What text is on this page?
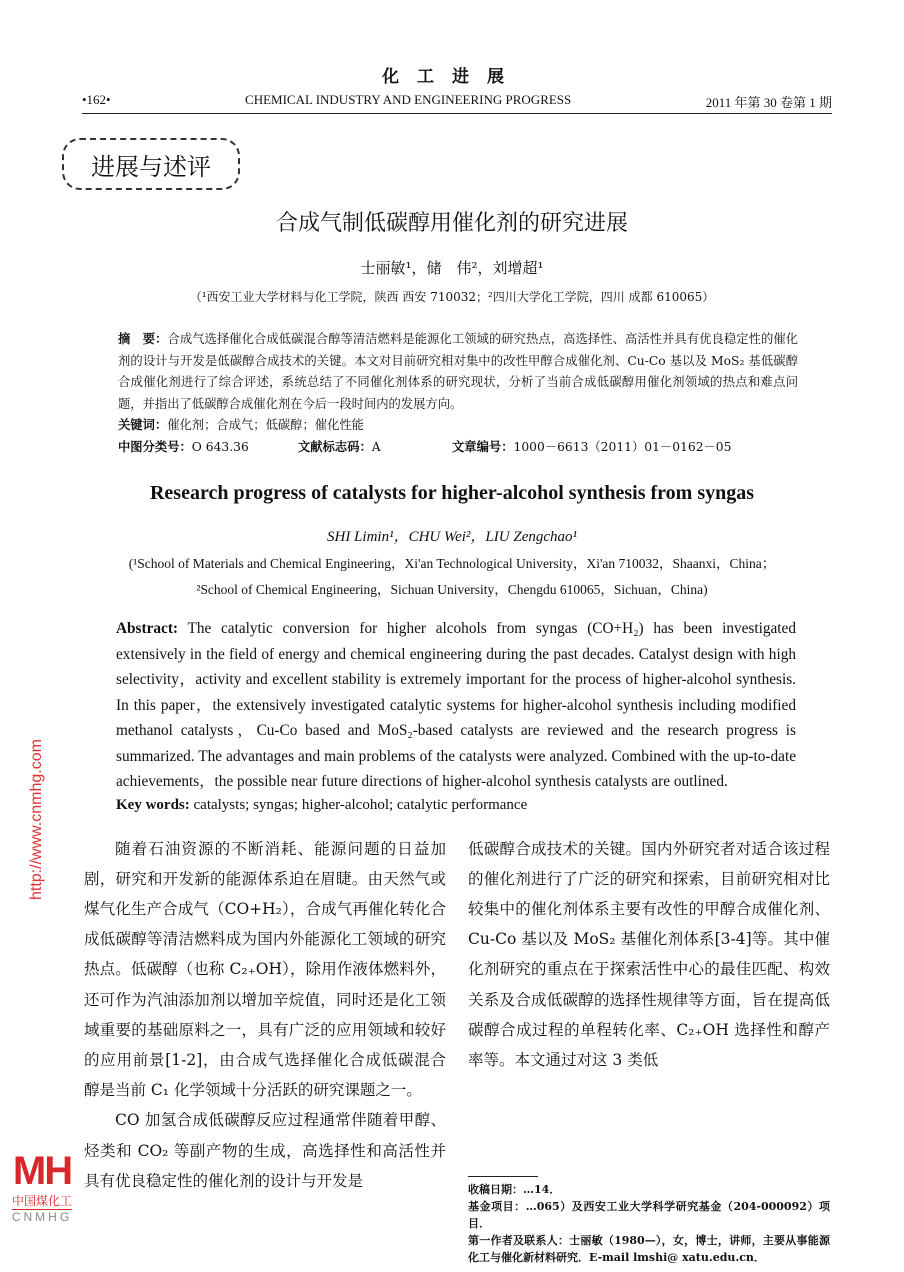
化工进展
•162•	CHEMICAL INDUSTRY AND ENGINEERING PROGRESS	2011 年第 30 卷第 1 期
进展与述评
合成气制低碳醇用催化剂的研究进展
士丽敏¹，储　伟²，刘增超¹
（¹西安工业大学材料与化工学院，陕西 西安 710032；²四川大学化工学院，四川 成都 610065）
摘　要：合成气选择催化合成低碳混合醇等清洁燃料是能源化工领域的研究热点，高选择性、高活性并具有优良稳定性的催化剂的设计与开发是低碳醇合成技术的关键。本文对目前研究相对集中的改性甲醇合成催化剂、Cu-Co 基以及 MoS₂ 基低碳醇合成催化剂进行了综合评述，系统总结了不同催化剂体系的研究现状，分析了当前合成低碳醇用催化剂领域的热点和难点问题，并指出了低碳醇合成催化剂在今后一段时间内的发展方向。
关键词： 催化剂；合成气；低碳醇；催化性能
中图分类号：O 643.36	文献标志码：A	文章编号：1000－6613（2011）01－0162－05
Research progress of catalysts for higher-alcohol synthesis from syngas
SHI Limin¹，CHU Wei²，LIU Zengchao¹
(¹School of Materials and Chemical Engineering，Xi'an Technological University，Xi'an 710032，Shaanxi，China；
²School of Chemical Engineering，Sichuan University，Chengdu 610065，Sichuan，China)
Abstract: The catalytic conversion for higher alcohols from syngas (CO+H₂) has been investigated extensively in the field of energy and chemical engineering during the past decades. Catalyst design with high selectivity，activity and excellent stability is extremely important for the process of higher-alcohol synthesis. In this paper，the extensively investigated catalytic systems for higher-alcohol synthesis including modified methanol catalysts，Cu-Co based and MoS₂-based catalysts are reviewed and the research progress is summarized. The advantages and main problems of the catalysts were analyzed. Combined with the up-to-date achievements，the possible near future directions of higher-alcohol synthesis catalysts are outlined.
Key words: catalysts; syngas; higher-alcohol; catalytic performance

随着石油资源的不断消耗、能源问题的日益加剧，研究和开发新的能源体系迫在眉睫。由天然气或煤气化生产合成气（CO+H₂），合成气再催化转化合成低碳醇等清洁燃料成为国内外能源化工领域的研究热点。低碳醇（也称 C₂₊OH），除用作液体燃料外，还可作为汽油添加剂以增加辛烷值，同时还是化工领域重要的基础原料之一，具有广泛的应用领域和较好的应用前景[1-2]，由合成气选择催化合成低碳混合醇是当前 C₁ 化学领域十分活跃的研究课题之一。

CO 加氢合成低碳醇反应过程通常伴随着甲醇、烃类和 CO₂ 等副产物的生成，高选择性和高活性并具有优良稳定性的催化剂的设计与开发是

低碳醇合成技术的关键。国内外研究者对适合该过程的催化剂进行了广泛的研究和探索，目前研究相对比较集中的催化剂体系主要有改性的甲醇合成催化剂、Cu-Co 基以及 MoS₂ 基催化剂体系[3-4]等。其中催化剂研究的重点在于探索活性中心的最佳匹配、构效关系及合成低碳醇的选择性规律等方面，旨在提高低碳醇合成过程的单程转化率、C₂₊OH 选择性和醇产率等。本文通过对这 3 类低

收稿日期：…14．
基金项目：…065）及西安工业大学科学研究基金（204-000092）项目．
第一作者及联系人：士丽敏（1980—），女，博士，讲师，主要从事能源化工与催化新材料研究．E-mail lmshi@ xatu.edu.cn．
http://www.cnmhg.com
MH
中国煤化工
CNMHG
